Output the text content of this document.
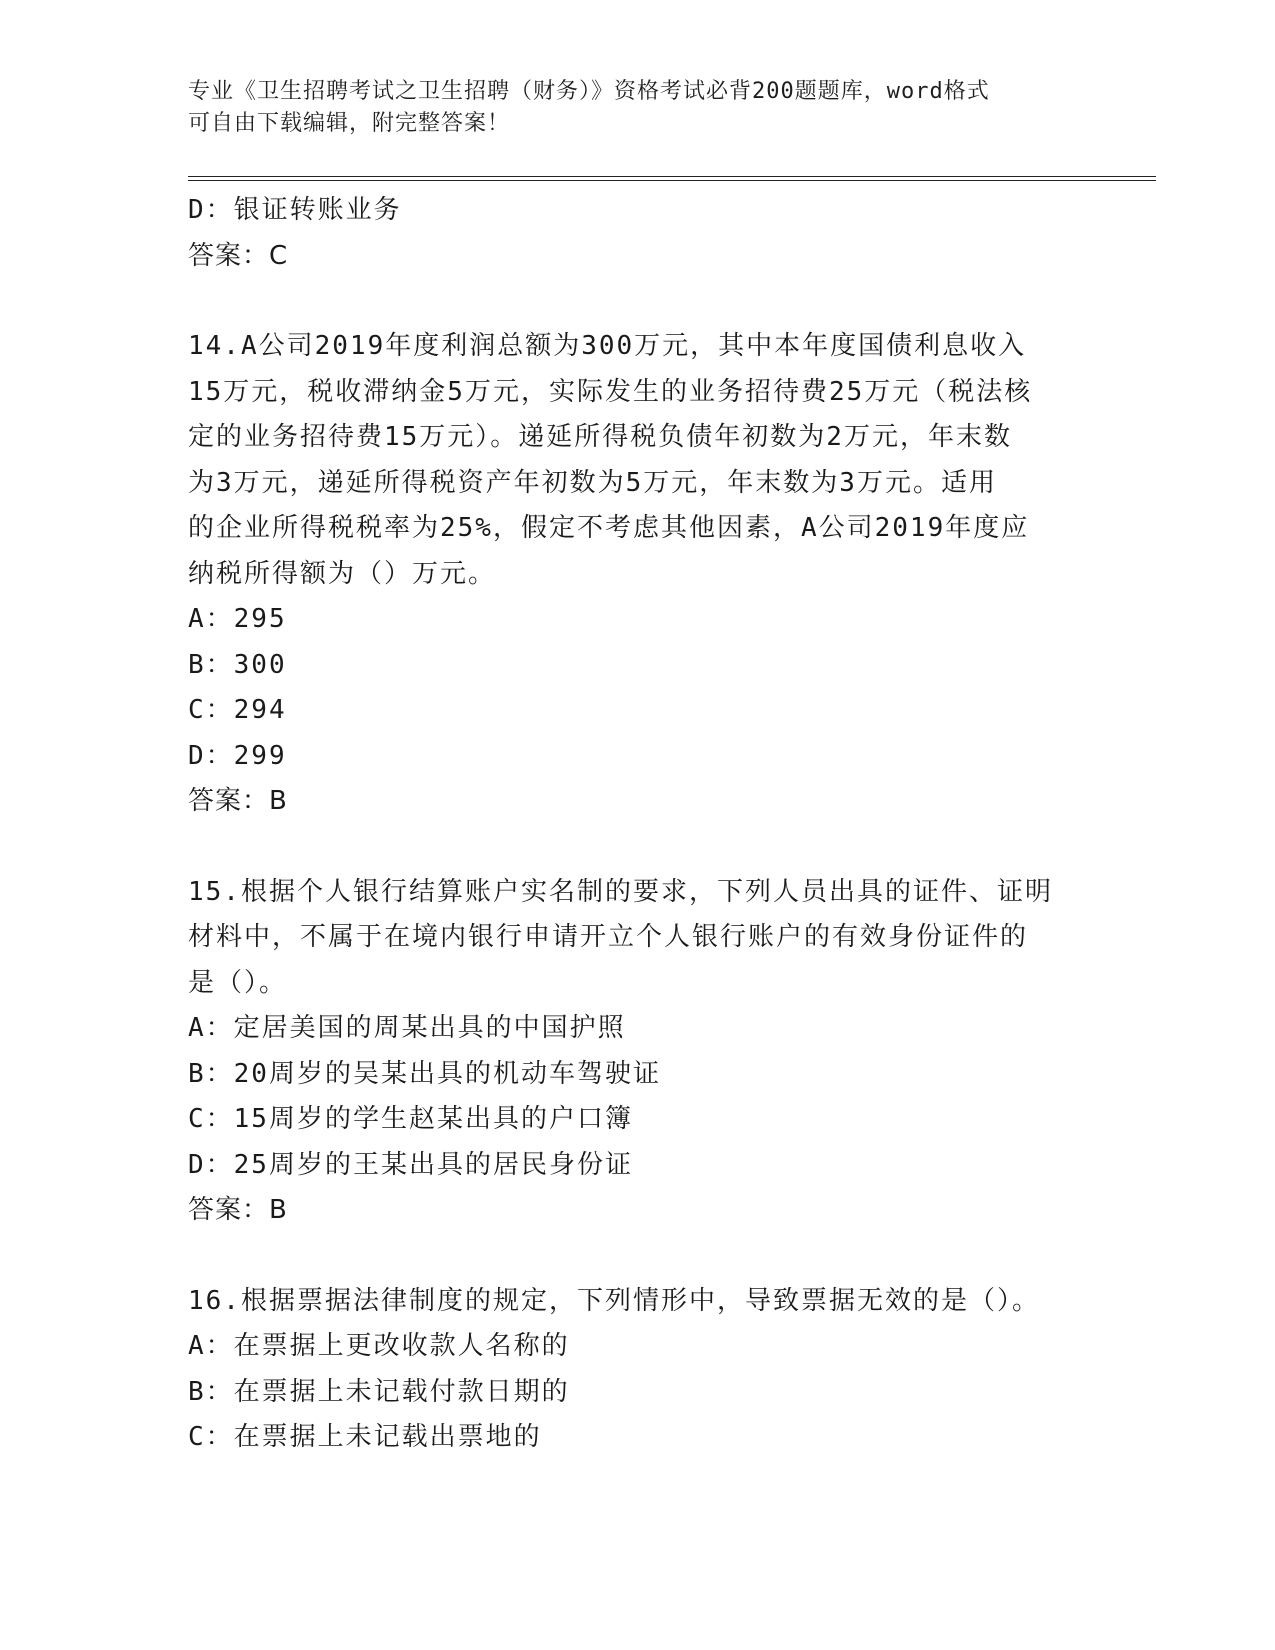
专业《卫生招聘考试之卫生招聘（财务）》资格考试必背200题题库，word格式
可自由下载编辑，附完整答案！
D：银证转账业务
答案：C
14.A公司2019年度利润总额为300万元，其中本年度国债利息收入
15万元，税收滞纳金5万元，实际发生的业务招待费25万元（税法核
定的业务招待费15万元）。递延所得税负债年初数为2万元，年末数
为3万元，递延所得税资产年初数为5万元，年末数为3万元。适用
的企业所得税税率为25%，假定不考虑其他因素，A公司2019年度应
纳税所得额为（）万元。
A：295
B：300
C：294
D：299
答案：B
15.根据个人银行结算账户实名制的要求，下列人员出具的证件、证明
材料中，不属于在境内银行申请开立个人银行账户的有效身份证件的
是（）。
A：定居美国的周某出具的中国护照
B：20周岁的吴某出具的机动车驾驶证
C：15周岁的学生赵某出具的户口簿
D：25周岁的王某出具的居民身份证
答案：B
16.根据票据法律制度的规定，下列情形中，导致票据无效的是（）。
A：在票据上更改收款人名称的
B：在票据上未记载付款日期的
C：在票据上未记载出票地的
